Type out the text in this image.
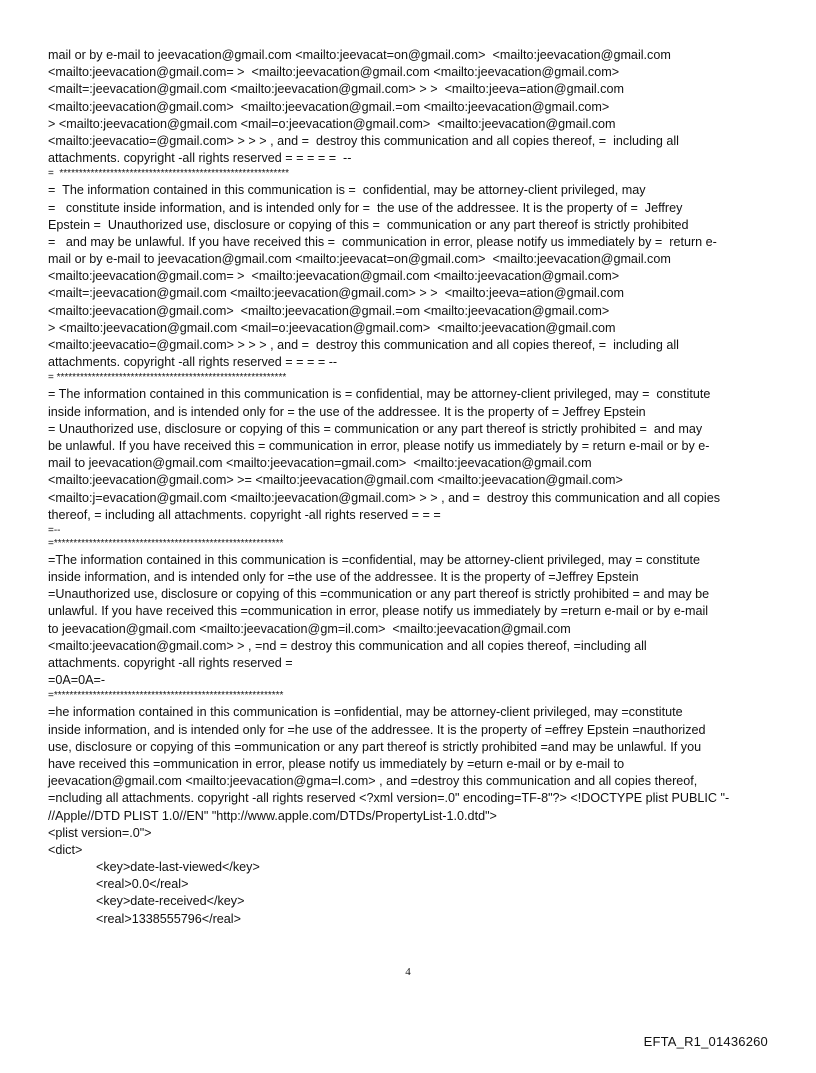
mail or by e-mail to jeevacation@gmail.com <mailto:jeevacat=on@gmail.com>  <mailto:jeevacation@gmail.com
<mailto:jeevacation@gmail.com= >  <mailto:jeevacation@gmail.com <mailto:jeevacation@gmail.com>
<mailt=:jeevacation@gmail.com <mailto:jeevacation@gmail.com> > >  <mailto:jeeva=ation@gmail.com
<mailto:jeevacation@gmail.com>  <mailto:jeevacation@gmail.=om <mailto:jeevacation@gmail.com>
> <mailto:jeevacation@gmail.com <mail=o:jeevacation@gmail.com>  <mailto:jeevacation@gmail.com
<mailto:jeevacatio=@gmail.com> > > > , and =  destroy this communication and all copies thereof, =  including all
attachments. copyright -all rights reserved = = = = =  --
=  ***********************************************************
=  The information contained in this communication is =  confidential, may be attorney-client privileged, may
=   constitute inside information, and is intended only for =  the use of the addressee. It is the property of =  Jeffrey
Epstein =  Unauthorized use, disclosure or copying of this =  communication or any part thereof is strictly prohibited
=   and may be unlawful. If you have received this =  communication in error, please notify us immediately by =  return e-
mail or by e-mail to jeevacation@gmail.com <mailto:jeevacat=on@gmail.com>  <mailto:jeevacation@gmail.com
<mailto:jeevacation@gmail.com= >  <mailto:jeevacation@gmail.com <mailto:jeevacation@gmail.com>
<mailt=:jeevacation@gmail.com <mailto:jeevacation@gmail.com> > >  <mailto:jeeva=ation@gmail.com
<mailto:jeevacation@gmail.com>  <mailto:jeevacation@gmail.=om <mailto:jeevacation@gmail.com>
> <mailto:jeevacation@gmail.com <mail=o:jeevacation@gmail.com>  <mailto:jeevacation@gmail.com
<mailto:jeevacatio=@gmail.com> > > > , and =  destroy this communication and all copies thereof, =  including all
attachments. copyright -all rights reserved = = = = --
= ***********************************************************
= The information contained in this communication is = confidential, may be attorney-client privileged, may =  constitute
inside information, and is intended only for = the use of the addressee. It is the property of = Jeffrey Epstein
= Unauthorized use, disclosure or copying of this = communication or any part thereof is strictly prohibited =  and may
be unlawful. If you have received this = communication in error, please notify us immediately by = return e-mail or by e-
mail to jeevacation@gmail.com <mailto:jeevacation=gmail.com>  <mailto:jeevacation@gmail.com
<mailto:jeevacation@gmail.com> >= <mailto:jeevacation@gmail.com <mailto:jeevacation@gmail.com>
<mailto:j=evacation@gmail.com <mailto:jeevacation@gmail.com> > > , and =  destroy this communication and all copies
thereof, = including all attachments. copyright -all rights reserved = = =
=--
=***********************************************************
=The information contained in this communication is =confidential, may be attorney-client privileged, may = constitute
inside information, and is intended only for =the use of the addressee. It is the property of =Jeffrey Epstein
=Unauthorized use, disclosure or copying of this =communication or any part thereof is strictly prohibited = and may be
unlawful. If you have received this =communication in error, please notify us immediately by =return e-mail or by e-mail
to jeevacation@gmail.com <mailto:jeevacation@gm=il.com>  <mailto:jeevacation@gmail.com
<mailto:jeevacation@gmail.com> > , =nd = destroy this communication and all copies thereof, =including all
attachments. copyright -all rights reserved =
=0A=0A=-
=***********************************************************
=he information contained in this communication is =onfidential, may be attorney-client privileged, may =constitute
inside information, and is intended only for =he use of the addressee. It is the property of =effrey Epstein =nauthorized
use, disclosure or copying of this =ommunication or any part thereof is strictly prohibited =and may be unlawful. If you
have received this =ommunication in error, please notify us immediately by =eturn e-mail or by e-mail to
jeevacation@gmail.com <mailto:jeevacation@gma=l.com> , and =destroy this communication and all copies thereof,
=ncluding all attachments. copyright -all rights reserved <?xml version=.0" encoding=TF-8"?> <!DOCTYPE plist PUBLIC "-
//Apple//DTD PLIST 1.0//EN" "http://www.apple.com/DTDs/PropertyList-1.0.dtd">
<plist version=.0">
<dict>
<key>date-last-viewed</key>
<real>0.0</real>
<key>date-received</key>
<real>1338555796</real>
4
EFTA_R1_01436260
